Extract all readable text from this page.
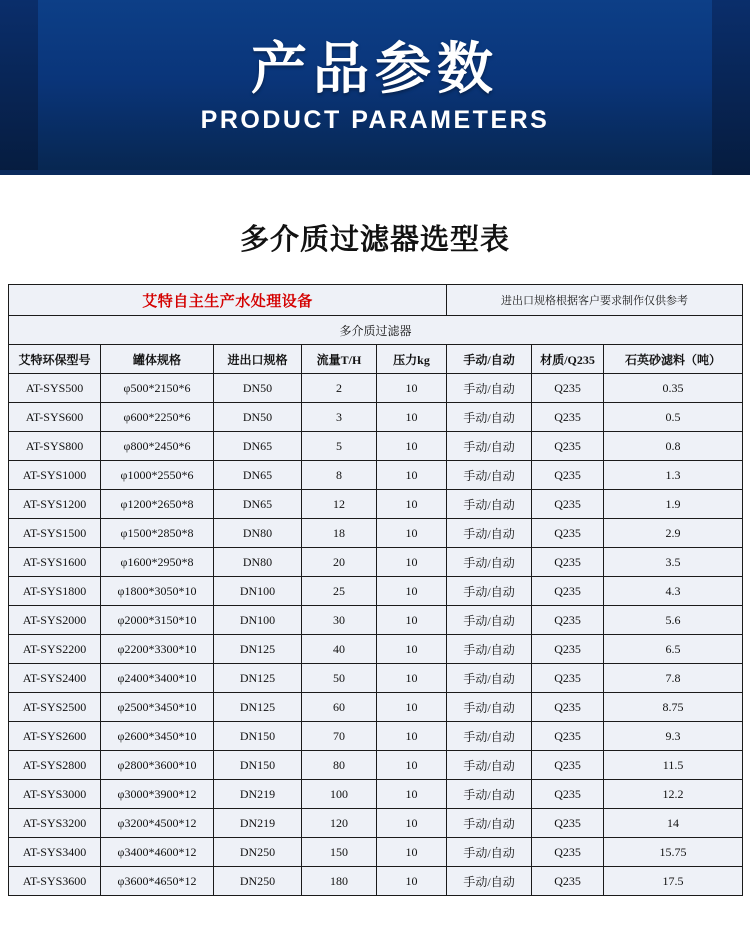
产品参数
PRODUCT PARAMETERS
多介质过滤器选型表
艾特自主生产水处理设备					进出口规格根据客户要求制作仅供参考		
多介质过滤器							
艾特环保型号	罐体规格	进出口规格	流量T/H	压力kg	手动/自动	材质/Q235	石英砂滤料（吨）
AT-SYS500	φ500*2150*6	DN50	2	10	手动/自动	Q235	0.35
AT-SYS600	φ600*2250*6	DN50	3	10	手动/自动	Q235	0.5
AT-SYS800	φ800*2450*6	DN65	5	10	手动/自动	Q235	0.8
AT-SYS1000	φ1000*2550*6	DN65	8	10	手动/自动	Q235	1.3
AT-SYS1200	φ1200*2650*8	DN65	12	10	手动/自动	Q235	1.9
AT-SYS1500	φ1500*2850*8	DN80	18	10	手动/自动	Q235	2.9
AT-SYS1600	φ1600*2950*8	DN80	20	10	手动/自动	Q235	3.5
AT-SYS1800	φ1800*3050*10	DN100	25	10	手动/自动	Q235	4.3
AT-SYS2000	φ2000*3150*10	DN100	30	10	手动/自动	Q235	5.6
AT-SYS2200	φ2200*3300*10	DN125	40	10	手动/自动	Q235	6.5
AT-SYS2400	φ2400*3400*10	DN125	50	10	手动/自动	Q235	7.8
AT-SYS2500	φ2500*3450*10	DN125	60	10	手动/自动	Q235	8.75
AT-SYS2600	φ2600*3450*10	DN150	70	10	手动/自动	Q235	9.3
AT-SYS2800	φ2800*3600*10	DN150	80	10	手动/自动	Q235	11.5
AT-SYS3000	φ3000*3900*12	DN219	100	10	手动/自动	Q235	12.2
AT-SYS3200	φ3200*4500*12	DN219	120	10	手动/自动	Q235	14
AT-SYS3400	φ3400*4600*12	DN250	150	10	手动/自动	Q235	15.75
AT-SYS3600	φ3600*4650*12	DN250	180	10	手动/自动	Q235	17.5
